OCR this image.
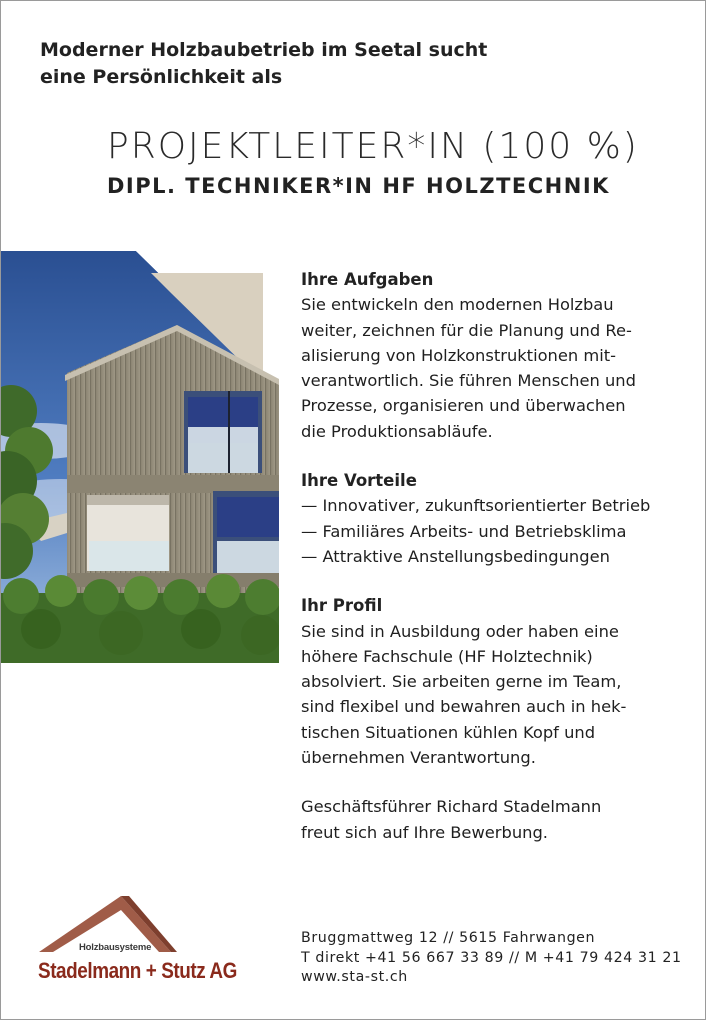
Moderner Holzbaubetrieb im Seetal sucht
eine Persönlichkeit als
PROJEKTLEITER*IN (100 %)
DIPL. TECHNIKER*IN HF HOLZTECHNIK
Ihre Aufgaben
Sie entwickeln den modernen Holzbau
weiter, zeichnen für die Planung und Re-
alisierung von Holzkonstruktionen mit-
verantwortlich. Sie führen Menschen und
Prozesse, organisieren und überwachen
die Produktionsabläufe.
Ihre Vorteile
— Innovativer, zukunftsorientierter Betrieb
— Familiäres Arbeits- und Betriebsklima
— Attraktive Anstellungsbedingungen
Ihr Profil
Sie sind in Ausbildung oder haben eine
höhere Fachschule (HF Holztechnik)
absolviert. Sie arbeiten gerne im Team,
sind flexibel und bewahren auch in hek-
tischen Situationen kühlen Kopf und
übernehmen Verantwortung.
Geschäftsführer Richard Stadelmann
freut sich auf Ihre Bewerbung.
Holzbausysteme
Stadelmann + Stutz AG
Bruggmattweg 12 // 5615 Fahrwangen
T direkt +41 56 667 33 89 // M +41 79 424 31 21
www.sta-st.ch
